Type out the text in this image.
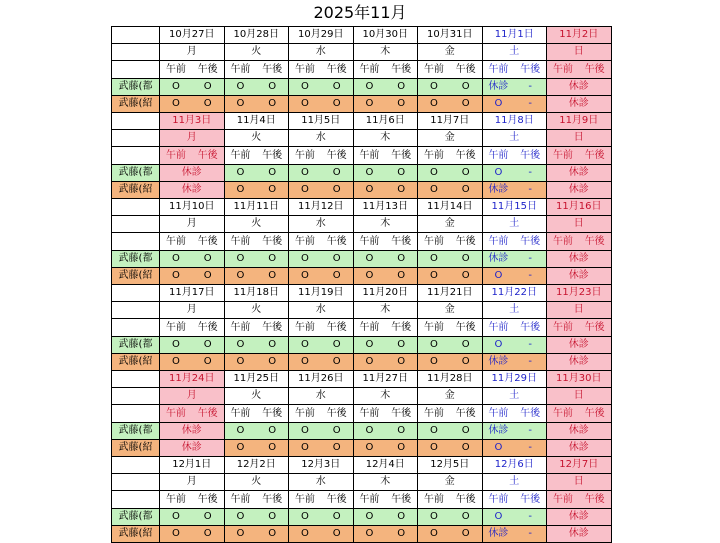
2025年11月
	10月27日	10月28日	10月29日	10月30日	10月31日	11月1日	11月2日
	月	火	水	木	金	土	日
	午前 午後	午前 午後	午前 午後	午前 午後	午前 午後	午前 午後	午前 午後
武藤(都	O O	O O	O O	O O	O O	休診 -	休診
武藤(紹	O O	O O	O O	O O	O O	O -	休診
	11月3日	11月4日	11月5日	11月6日	11月7日	11月8日	11月9日
	月	火	水	木	金	土	日
	午前 午後	午前 午後	午前 午後	午前 午後	午前 午後	午前 午後	午前 午後
武藤(都	休診	O O	O O	O O	O O	O -	休診
武藤(紹	休診	O O	O O	O O	O O	休診 -	休診
	11月10日	11月11日	11月12日	11月13日	11月14日	11月15日	11月16日
	月	火	水	木	金	土	日
	午前 午後	午前 午後	午前 午後	午前 午後	午前 午後	午前 午後	午前 午後
武藤(都	O O	O O	O O	O O	O O	休診 -	休診
武藤(紹	O O	O O	O O	O O	O O	O -	休診
	11月17日	11月18日	11月19日	11月20日	11月21日	11月22日	11月23日
	月	火	水	木	金	土	日
	午前 午後	午前 午後	午前 午後	午前 午後	午前 午後	午前 午後	午前 午後
武藤(都	O O	O O	O O	O O	O O	O -	休診
武藤(紹	O O	O O	O O	O O	O O	休診 -	休診
	11月24日	11月25日	11月26日	11月27日	11月28日	11月29日	11月30日
	月	火	水	木	金	土	日
	午前 午後	午前 午後	午前 午後	午前 午後	午前 午後	午前 午後	午前 午後
武藤(都	休診	O O	O O	O O	O O	休診 -	休診
武藤(紹	休診	O O	O O	O O	O O	O -	休診
	12月1日	12月2日	12月3日	12月4日	12月5日	12月6日	12月7日
	月	火	水	木	金	土	日
	午前 午後	午前 午後	午前 午後	午前 午後	午前 午後	午前 午後	午前 午後
武藤(都	O O	O O	O O	O O	O O	O -	休診
武藤(紹	O O	O O	O O	O O	O O	休診 -	休診
